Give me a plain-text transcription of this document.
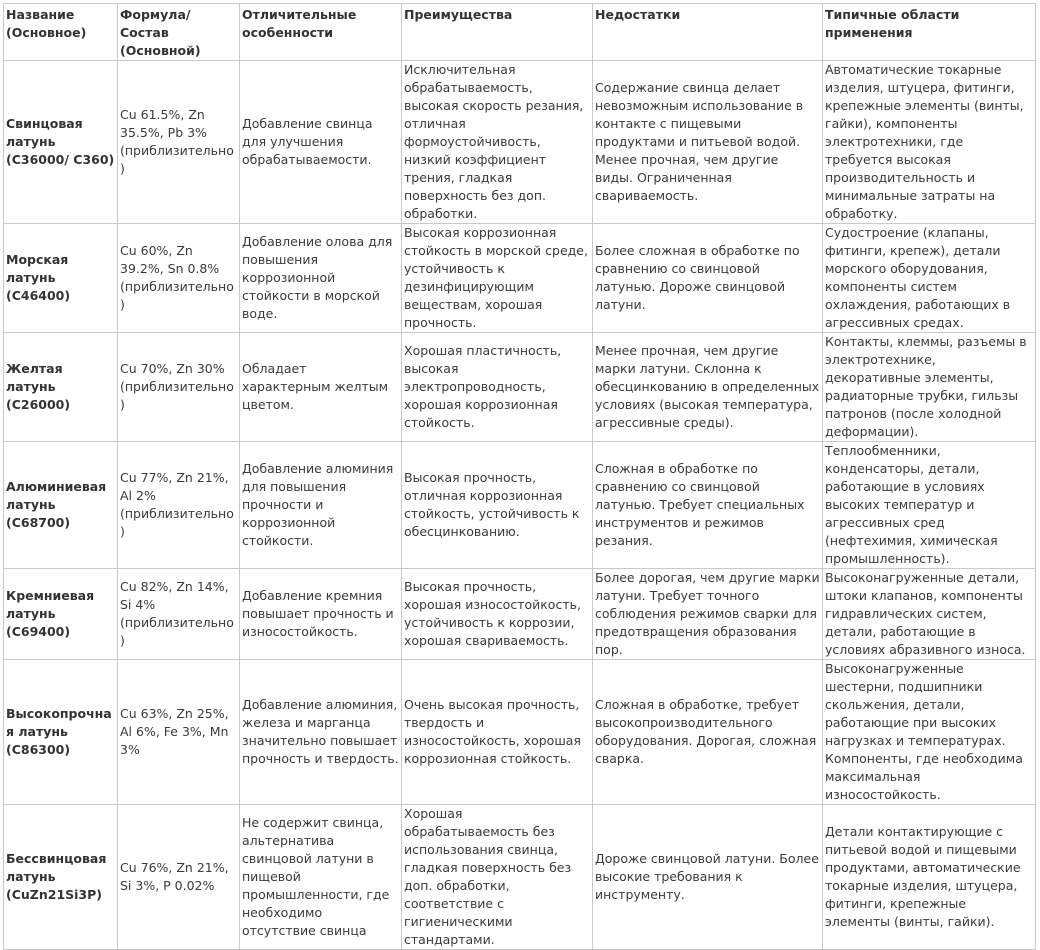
Название (Основное)	Формула/Состав (Основной)	Отличительные особенности	Преимущества	Недостатки	Типичные области применения
Свинцовая латунь (C36000/ C360)	Cu 61.5%, Zn 35.5%, Pb 3% (приблизительно)	Добавление свинца для улучшения обрабатываемости.	Исключительная обрабатываемость, высокая скорость резания, отличная формоустойчивость, низкий коэффициент трения, гладкая поверхность без доп. обработки.	Содержание свинца делает невозможным использование в контакте с пищевыми продуктами и питьевой водой. Менее прочная, чем другие виды. Ограниченная свариваемость.	Автоматические токарные изделия, штуцера, фитинги, крепежные элементы (винты, гайки), компоненты электротехники, где требуется высокая производительность и минимальные затраты на обработку.
Морская латунь (C46400)	Cu 60%, Zn 39.2%, Sn 0.8% (приблизительно)	Добавление олова для повышения коррозионной стойкости в морской воде.	Высокая коррозионная стойкость в морской среде, устойчивость к дезинфицирующим веществам, хорошая прочность.	Более сложная в обработке по сравнению со свинцовой латунью. Дороже свинцовой латуни.	Судостроение (клапаны, фитинги, крепеж), детали морского оборудования, компоненты систем охлаждения, работающих в агрессивных средах.
Желтая латунь (C26000)	Cu 70%, Zn 30% (приблизительно)	Обладает характерным желтым цветом.	Хорошая пластичность, высокая электропроводность, хорошая коррозионная стойкость.	Менее прочная, чем другие марки латуни. Склонна к обесцинкованию в определенных условиях (высокая температура, агрессивные среды).	Контакты, клеммы, разъемы в электротехнике, декоративные элементы, радиаторные трубки, гильзы патронов (после холодной деформации).
Алюминиевая латунь (C68700)	Cu 77%, Zn 21%, Al 2% (приблизительно)	Добавление алюминия для повышения прочности и коррозионной стойкости.	Высокая прочность, отличная коррозионная стойкость, устойчивость к обесцинкованию.	Сложная в обработке по сравнению со свинцовой латунью. Требует специальных инструментов и режимов резания.	Теплообменники, конденсаторы, детали, работающие в условиях высоких температур и агрессивных сред (нефтехимия, химическая промышленность).
Кремниевая латунь (C69400)	Cu 82%, Zn 14%, Si 4% (приблизительно)	Добавление кремния повышает прочность и износостойкость.	Высокая прочность, хорошая износостойкость, устойчивость к коррозии, хорошая свариваемость.	Более дорогая, чем другие марки латуни. Требует точного соблюдения режимов сварки для предотвращения образования пор.	Высоконагруженные детали, штоки клапанов, компоненты гидравлических систем, детали, работающие в условиях абразивного износа.
Высокопрочная латунь (C86300)	Cu 63%, Zn 25%, Al 6%, Fe 3%, Mn 3%	Добавление алюминия, железа и марганца значительно повышает прочность и твердость.	Очень высокая прочность, твердость и износостойкость, хорошая коррозионная стойкость.	Сложная в обработке, требует высокопроизводительного оборудования. Дорогая, сложная сварка.	Высоконагруженные шестерни, подшипники скольжения, детали, работающие при высоких нагрузках и температурах. Компоненты, где необходима максимальная износостойкость.
Бессвинцовая латунь (CuZn21Si3P)	Cu 76%, Zn 21%, Si 3%, P 0.02%	Не содержит свинца, альтернатива свинцовой латуни в пищевой промышленности, где необходимо отсутствие свинца	Хорошая обрабатываемость без использования свинца, гладкая поверхность без доп. обработки, соответствие с гигиеническими стандартами.	Дороже свинцовой латуни. Более высокие требования к инструменту.	Детали контактирующие с питьевой водой и пищевыми продуктами, автоматические токарные изделия, штуцера, фитинги, крепежные элементы (винты, гайки).
